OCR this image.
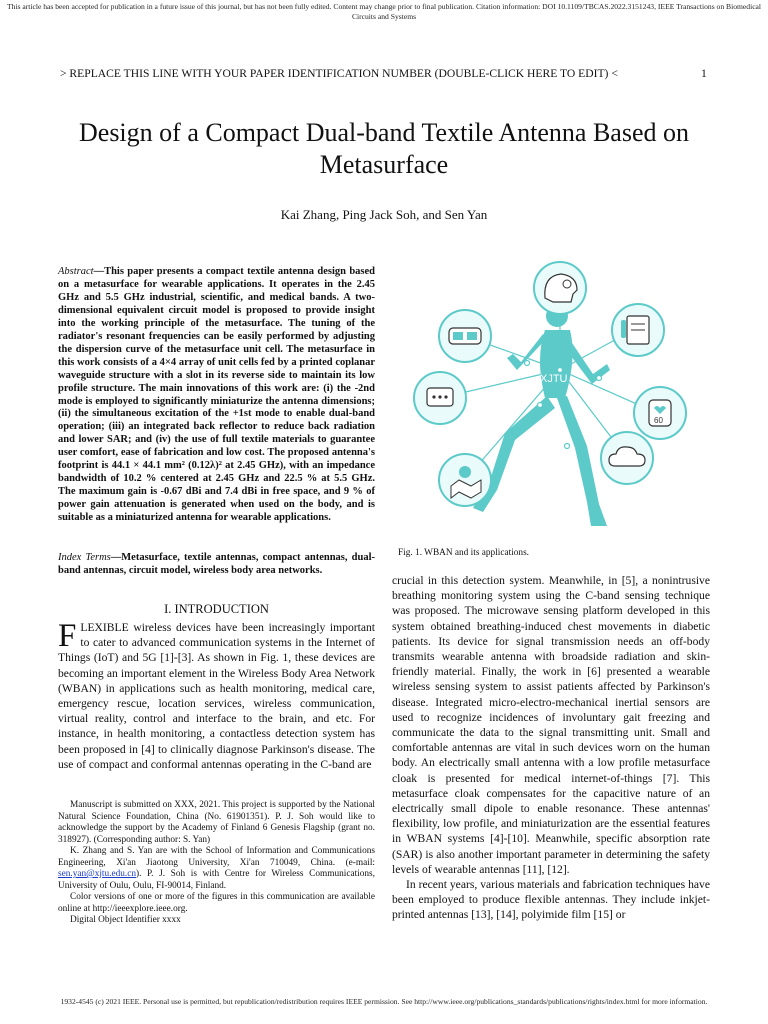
This article has been accepted for publication in a future issue of this journal, but has not been fully edited. Content may change prior to final publication. Citation information: DOI 10.1109/TBCAS.2022.3151243, IEEE Transactions on Biomedical Circuits and Systems
> REPLACE THIS LINE WITH YOUR PAPER IDENTIFICATION NUMBER (DOUBLE-CLICK HERE TO EDIT) <	1
Design of a Compact Dual-band Textile Antenna Based on Metasurface
Kai Zhang, Ping Jack Soh, and Sen Yan
Abstract—This paper presents a compact textile antenna design based on a metasurface for wearable applications. It operates in the 2.45 GHz and 5.5 GHz industrial, scientific, and medical bands. A two-dimensional equivalent circuit model is proposed to provide insight into the working principle of the metasurface. The tuning of the radiator's resonant frequencies can be easily performed by adjusting the dispersion curve of the metasurface unit cell. The metasurface in this work consists of a 4×4 array of unit cells fed by a printed coplanar waveguide structure with a slot in its reverse side to maintain its low profile structure. The main innovations of this work are: (i) the -2nd mode is employed to significantly miniaturize the antenna dimensions; (ii) the simultaneous excitation of the +1st mode to enable dual-band operation; (iii) an integrated back reflector to reduce back radiation and lower SAR; and (iv) the use of full textile materials to guarantee user comfort, ease of fabrication and low cost. The proposed antenna's footprint is 44.1 × 44.1 mm² (0.12λ)² at 2.45 GHz), with an impedance bandwidth of 10.2 % centered at 2.45 GHz and 22.5 % at 5.5 GHz. The maximum gain is -0.67 dBi and 7.4 dBi in free space, and 9 % of power gain attenuation is generated when used on the body, and is suitable as a miniaturized antenna for wearable applications.
Index Terms—Metasurface, textile antennas, compact antennas, dual-band antennas, circuit model, wireless body area networks.
XJTU
60
Fig. 1. WBAN and its applications.
I. INTRODUCTION
FLEXIBLE wireless devices have been increasingly important to cater to advanced communication systems in the Internet of Things (IoT) and 5G [1]-[3]. As shown in Fig. 1, these devices are becoming an important element in the Wireless Body Area Network (WBAN) in applications such as health monitoring, medical care, emergency rescue, location services, wireless communication, virtual reality, control and interface to the brain, and etc. For instance, in health monitoring, a contactless detection system has been proposed in [4] to clinically diagnose Parkinson's disease. The use of compact and conformal antennas operating in the C-band are

Manuscript is submitted on XXX, 2021. This project is supported by the National Natural Science Foundation, China (No. 61901351). P. J. Soh would like to acknowledge the support by the Academy of Finland 6 Genesis Flagship (grant no. 318927). (Corresponding author: S. Yan)

K. Zhang and S. Yan are with the School of Information and Communications Engineering, Xi'an Jiaotong University, Xi'an 710049, China. (e-mail: sen.yan@xjtu.edu.cn). P. J. Soh is with Centre for Wireless Communications, University of Oulu, Oulu, FI-90014, Finland.

Color versions of one or more of the figures in this communication are available online at http://ieeexplore.ieee.org.

Digital Object Identifier xxxx

crucial in this detection system. Meanwhile, in [5], a nonintrusive breathing monitoring system using the C-band sensing technique was proposed. The microwave sensing platform developed in this system obtained breathing-induced chest movements in diabetic patients. Its device for signal transmission needs an off-body transmits wearable antenna with broadside radiation and skin-friendly material. Finally, the work in [6] presented a wearable wireless sensing system to assist patients affected by Parkinson's disease. Integrated micro-electro-mechanical inertial sensors are used to recognize incidences of involuntary gait freezing and communicate the data to the signal transmitting unit. Small and comfortable antennas are vital in such devices worn on the human body. An electrically small antenna with a low profile metasurface cloak is presented for medical internet-of-things [7]. This metasurface cloak compensates for the capacitive nature of an electrically small dipole to enable resonance. These antennas' flexibility, low profile, and miniaturization are the essential features in WBAN systems [4]-[10]. Meanwhile, specific absorption rate (SAR) is also another important parameter in determining the safety levels of wearable antennas [11], [12].

In recent years, various materials and fabrication techniques have been employed to produce flexible antennas. They include inkjet-printed antennas [13], [14], polyimide film [15] or

1932-4545 (c) 2021 IEEE. Personal use is permitted, but republication/redistribution requires IEEE permission. See http://www.ieee.org/publications_standards/publications/rights/index.html for more information.
